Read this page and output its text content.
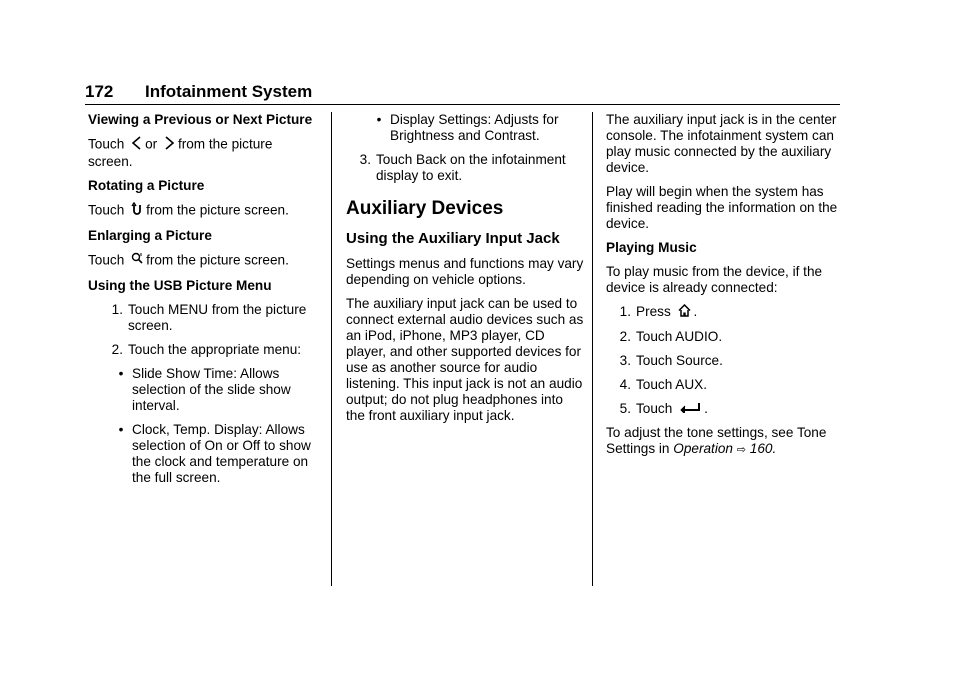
172 Infotainment System

Viewing a Previous or Next Picture

Touch or from the picture screen.

Rotating a Picture

Touch from the picture screen.

Enlarging a Picture

Touch from the picture screen.

Using the USB Picture Menu

1. Touch MENU from the picture screen.
2. Touch the appropriate menu:
• Slide Show Time: Allows selection of the slide show interval.
• Clock, Temp. Display: Allows selection of On or Off to show the clock and temperature on the full screen.
• Display Settings: Adjusts for Brightness and Contrast.
3. Touch Back on the infotainment display to exit.
Auxiliary Devices
Using the Auxiliary Input Jack

Settings menus and functions may vary depending on vehicle options.

The auxiliary input jack can be used to connect external audio devices such as an iPod, iPhone, MP3 player, CD player, and other supported devices for use as another source for audio listening. This input jack is not an audio output; do not plug headphones into the front auxiliary input jack.

The auxiliary input jack is in the center console. The infotainment system can play music connected by the auxiliary device.

Play will begin when the system has finished reading the information on the device.

Playing Music

To play music from the device, if the device is already connected:

1. Press .
2. Touch AUDIO.
3. Touch Source.
4. Touch AUX.
5. Touch .

To adjust the tone settings, see Tone Settings in Operation ⇨ 160.
